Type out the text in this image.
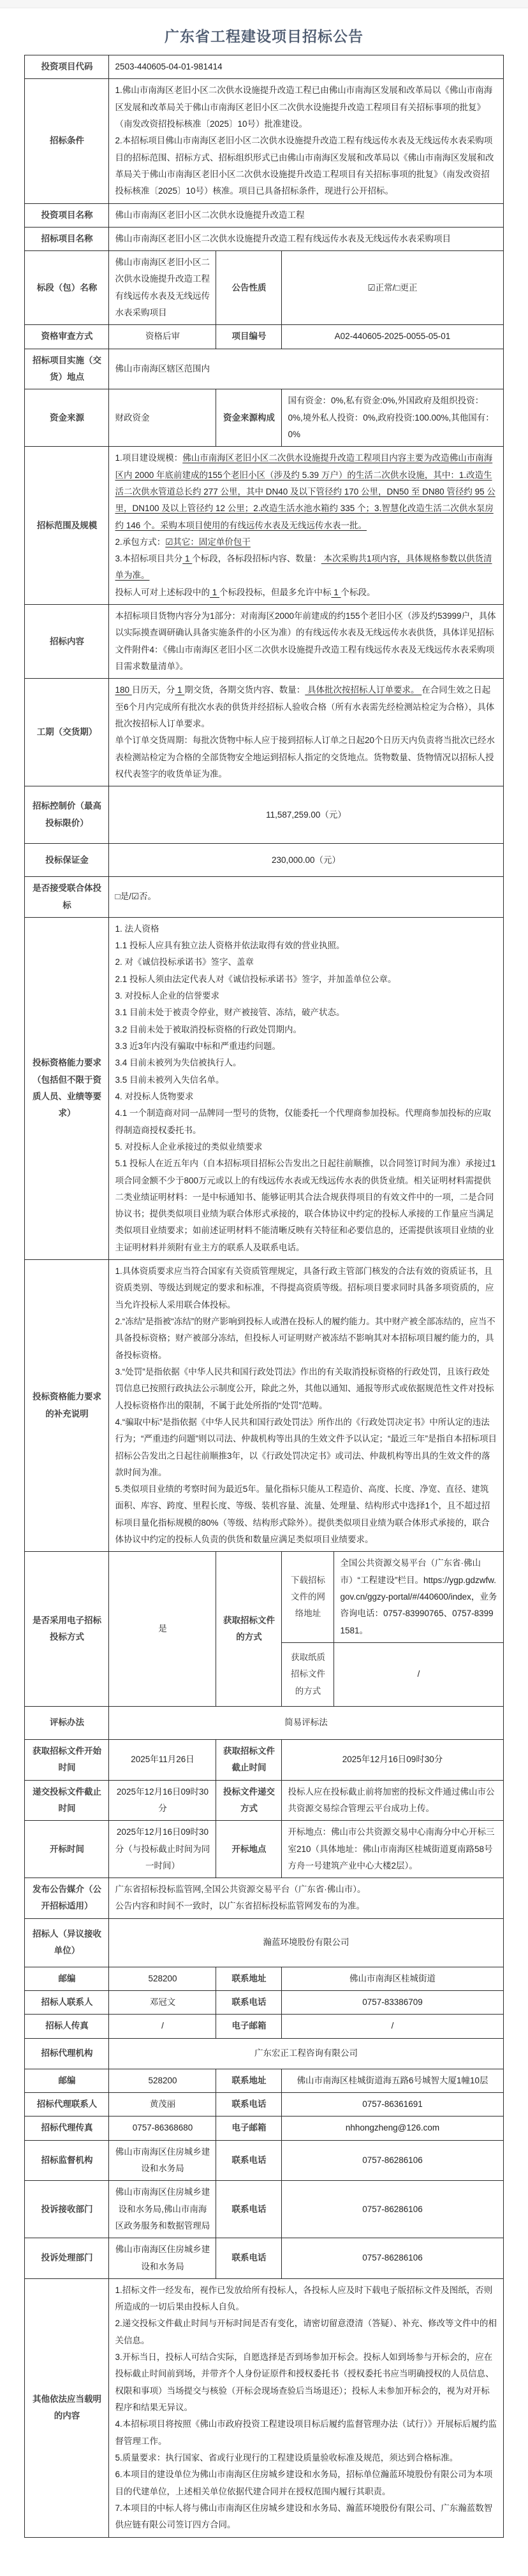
广东省工程建设项目招标公告
投资项目代码	2503-440605-04-01-981414			
招标条件	1.佛山市南海区老旧小区二次供水设施提升改造工程已由佛山市南海区发展和改革局以《佛山市南海区发展和改革局关于佛山市南海区老旧小区二次供水设施提升改造工程项目有关招标事项的批复》（南发改资招投标核准〔2025〕10号）批准建设。
2.本招标项目佛山市南海区老旧小区二次供水设施提升改造工程有线远传水表及无线远传水表采购项目的招标范围、招标方式、招标组织形式已由佛山市南海区发展和改革局以《佛山市南海区发展和改革局关于佛山市南海区老旧小区二次供水设施提升改造工程项目有关招标事项的批复》（南发改资招投标核准〔2025〕10号）核准。项目已具备招标条件，现进行公开招标。			

投资项目名称	佛山市南海区老旧小区二次供水设施提升改造工程			
招标项目名称	佛山市南海区老旧小区二次供水设施提升改造工程有线远传水表及无线远传水表采购项目			
标段（包）名称	佛山市南海区老旧小区二次供水设施提升改造工程有线远传水表及无线远传水表采购项目	公告性质	☑正常/□更正	
资格审查方式	资格后审	项目编号	A02-440605-2025-0055-05-01	
招标项目实施（交货）地点	佛山市南海区辖区范围内			
资金来源	财政资金	资金来源构成	国有资金：0%,私有资金:0%,外国政府及组织投资：0%,境外私人投资：0%,政府投资:100.00%,其他国有：0%	
招标范围及规模	1.项目建设规模：佛山市南海区老旧小区二次供水设施提升改造工程项目内容主要为改造佛山市南海区内 2000 年底前建成的155个老旧小区（涉及约 5.39 万户）的生活二次供水设施，其中：1.改造生活二次供水管道总长约 277 公里，其中 DN40 及以下管径约 170 公里，DN50 至 DN80 管径约 95 公里，DN100 及以上管径约 12 公里；2.改造生活水池水箱约 335 个；3.智慧化改造生活二次供水泵房约 146 个。采购本项目使用的有线远传水表及无线远传水表一批。
2.承包方式：☑其它：固定单价包干
3.本招标项目共分 1 个标段，各标段招标内容、数量： 本次采购共1项内容，具体规格参数以供货清单为准。
投标人可对上述标段中的 1 个标段投标，但最多允许中标 1 个标段。			

招标内容	本招标项目货物内容分为1部分：对南海区2000年前建成的约155个老旧小区（涉及约53999户，具体以实际摸查调研确认具备实施条件的小区为准）的有线远传水表及无线远传水表供货，具体详见招标文件附件4：《佛山市南海区老旧小区二次供水设施提升改造工程有线远传水表及无线远传水表采购项目需求数量清单》。			

工期（交货期）	180 日历天，分 1 期交货，各期交货内容、数量： 具体批次按招标人订单要求。 在合同生效之日起至6个月内完成所有批次水表的供货并经招标人验收合格（所有水表需先经检测站检定为合格），具体批次按招标人订单要求。
单个订单交货周期：每批次货物中标人应于接到招标人订单之日起20个日历天内负责将当批次已经水表检测站检定为合格的全部货物安全地运到招标人指定的交货地点。货物数量、货物情况以招标人授权代表签字的收货单证为准。			

招标控制价（最高投标限价）	11,587,259.00（元）			
投标保证金	230,000.00（元）			
是否接受联合体投标	□是/☑否。			
投标资格能力要求（包括但不限于资质人员、业绩等要求）	
1. 法人资格
1.1 投标人应具有独立法人资格并依法取得有效的营业执照。
2. 对《诚信投标承诺书》签字、盖章
2.1 投标人须由法定代表人对《诚信投标承诺书》签字，并加盖单位公章。
3. 对投标人企业的信誉要求
3.1 目前未处于被责令停业，财产被接管、冻结，破产状态。
3.2 目前未处于被取消投标资格的行政处罚期内。
3.3 近3年内没有骗取中标和严重违约问题。
3.4 目前未被列为失信被执行人。
3.5 目前未被列入失信名单。
4. 对投标人货物要求
4.1 一个制造商对同一品牌同一型号的货物，仅能委托一个代理商参加投标。代理商参加投标的应取得制造商授权委托书。
5. 对投标人企业承接过的类似业绩要求
5.1 投标人在近五年内（自本招标项目招标公告发出之日起往前顺推，以合同签订时间为准）承接过1项合同金额不少于800万元或以上的有线远传水表或无线远传水表的供货业绩。相关证明材料需提供二类业绩证明材料：一是中标通知书、能够证明其合法合规获得项目的有效文件中的一项，二是合同协议书；提供类似项目业绩为联合体形式承接的，联合体协议中约定的投标人承接的工作量应当满足类似项目业绩要求；如前述证明材料不能清晰反映有关特征和必要信息的，还需提供该项目业绩的业主证明材料并须附有业主方的联系人及联系电话。

投标资格能力要求的补充说明	1.具体资质要求应当符合国家有关资质管理规定，具备行政主管部门核发的合法有效的资质证书，且资质类别、等级达到规定的要求和标准，不得提高资质等级。招标项目要求同时具备多项资质的，应当允许投标人采用联合体投标。
2.“冻结”是指被“冻结”的财产影响到投标人或潜在投标人的履约能力。其中财产被全部冻结的，应当不具备投标资格；财产被部分冻结，但投标人可证明财产被冻结不影响其对本招标项目履约能力的，具备投标资格。
3.“处罚”是指依据《中华人民共和国行政处罚法》作出的有关取消投标资格的行政处罚，且该行政处罚信息已按照行政执法公示制度公开，除此之外，其他以通知、通报等形式或依据规范性文件对投标人投标资格作出的限制，不属于此处所指的“处罚”范畴。
4.“骗取中标”是指依据《中华人民共和国行政处罚法》所作出的《行政处罚决定书》中所认定的违法行为；“严重违约问题”则以司法、仲裁机构等出具的生效文件予以认定；“最近三年”是指自本招标项目招标公告发出之日起往前顺推3年，以《行政处罚决定书》或司法、仲裁机构等出具的生效文件的落款时间为准。
5.类似项目业绩的考察时间为最近5年。量化指标只能从工程造价、高度、长度、净宽、直径、建筑面积、库容、跨度、里程长度、等级、装机容量、流量、处理量、结构形式中选择1个，且不超过招标项目量化指标规模的80%（等级、结构形式除外）。提供类似项目业绩为联合体形式承接的，联合体协议中约定的投标人负责的供货和数量应满足类似项目业绩要求。			

是否采用电子招标投标方式	是	获取招标文件的方式	下载招标文件的网络地址	全国公共资源交易平台（广东省·佛山市）“工程建设”栏目。https://ygp.gdzwfw.gov.cn/ggzy-portal/#/440600/index，业务咨询电话：0757-83990765、0757-83991581。
			获取纸质招标文件的方式	/
评标办法	简易评标法			
获取招标文件开始时间	2025年11月26日	获取招标文件截止时间	2025年12月16日09时30分	
递交投标文件截止时间	2025年12月16日09时30分	投标文件递交方式	投标人应在投标截止前将加密的投标文件通过佛山市公共资源交易综合管理云平台成功上传。	
开标时间	2025年12月16日09时30分（与投标截止时间为同一时间）	开标地点	开标地点：佛山市公共资源交易中心南海分中心开标三室210（具体地址：佛山市南海区桂城街道夏南路58号方舟一号建筑产业中心大楼2层）。	
发布公告媒介（公开招标适用）	广东省招标投标监管网,全国公共资源交易平台（广东省·佛山市）。
公告内容和时间不一致时，以广东省招标投标监管网发布的为准。			

招标人（异议接收单位）	瀚蓝环境股份有限公司			
邮编	528200	联系地址	佛山市南海区桂城街道	
招标人联系人	邓冠文	联系电话	0757-83386709	
招标人传真	/	电子邮箱	/	
招标代理机构	广东宏正工程咨询有限公司			
邮编	528200	联系地址	佛山市南海区桂城街道海五路6号城智大厦1幢10层	
招标代理联系人	黄茂丽	联系电话	0757-86361691	
招标代理传真	0757-86368680	电子邮箱	nhhongzheng@126.com	
招标监督机构	佛山市南海区住房城乡建设和水务局	联系电话	0757-86286106	
投诉接收部门	佛山市南海区住房城乡建设和水务局,佛山市南海区政务服务和数据管理局	联系电话	0757-86286106	
投诉处理部门	佛山市南海区住房城乡建设和水务局	联系电话	0757-86286106	
其他依法应当载明的内容	
1.招标文件一经发布，视作已发放给所有投标人，各投标人应及时下载电子版招标文件及图纸，否则所造成的一切后果由投标人自负。
2.递交投标文件截止时间与开标时间是否有变化，请密切留意澄清（答疑）、补充、修改等文件中的相关信息。
3.开标当日，投标人可结合实际，自愿选择是否到场参加开标会。投标人如到场参与开标会的，应在投标截止时间前到场，并带齐个人身份证原件和授权委托书（授权委托书应当明确授权的人员信息、权限和事项）当场提交与核验（开标会现场查验后当场退还）；投标人未参加开标会的，视为对开标程序和结果无异议。
4.本招标项目将按照《佛山市政府投资工程建设项目标后履约监督管理办法（试行）》开展标后履约监督管理工作。
5.质量要求：执行国家、省或行业现行的工程建设质量验收标准及规范，须达到合格标准。
6.本项目的建设单位为佛山市南海区住房城乡建设和水务局，招标单位瀚蓝环境股份有限公司为本项目的代建单位，上述相关单位依据代建合同并在授权范围内履行其职责。
7.本项目的中标人将与佛山市南海区住房城乡建设和水务局、瀚蓝环境股份有限公司、广东瀚蓝数智供应链有限公司签订四方合同。
